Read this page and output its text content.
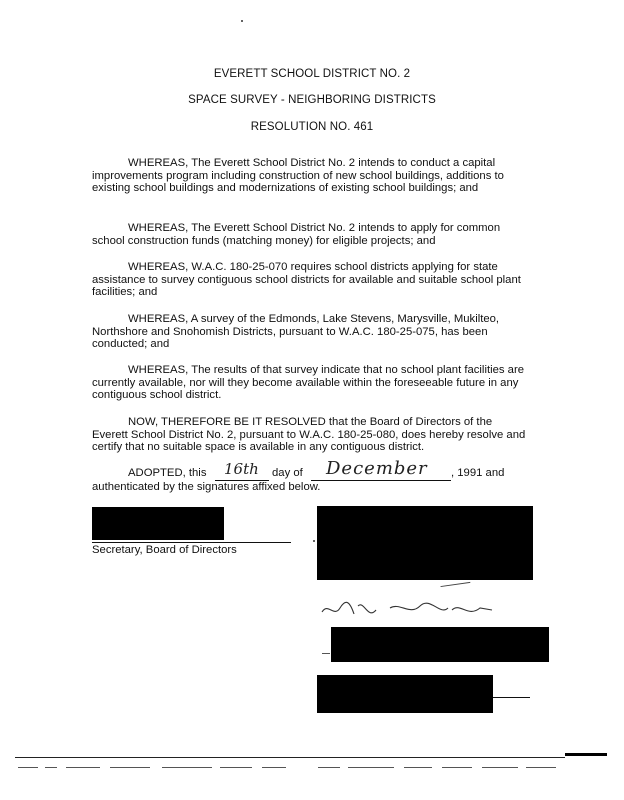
EVERETT SCHOOL DISTRICT NO. 2
SPACE SURVEY - NEIGHBORING DISTRICTS
RESOLUTION NO. 461

WHEREAS, The Everett School District No. 2 intends to conduct a capital improvements program including construction of new school buildings, additions to existing school buildings and modernizations of existing school buildings; and

WHEREAS, The Everett School District No. 2 intends to apply for common school construction funds (matching money) for eligible projects; and

WHEREAS, W.A.C. 180-25-070 requires school districts applying for state assistance to survey contiguous school districts for available and suitable school plant facilities; and

WHEREAS, A survey of the Edmonds, Lake Stevens, Marysville, Mukilteo, Northshore and Snohomish Districts, pursuant to W.A.C. 180-25-075, has been conducted; and

WHEREAS, The results of that survey indicate that no school plant facilities are currently available, nor will they become available within the foreseeable future in any contiguous school district.

NOW, THEREFORE BE IT RESOLVED that the Board of Directors of the Everett School District No. 2, pursuant to W.A.C. 180-25-080, does hereby resolve and certify that no suitable space is available in any contiguous district.

ADOPTED, this 16th day of December , 1991 and
authenticated by the signatures affixed below.
Secretary, Board of Directors
